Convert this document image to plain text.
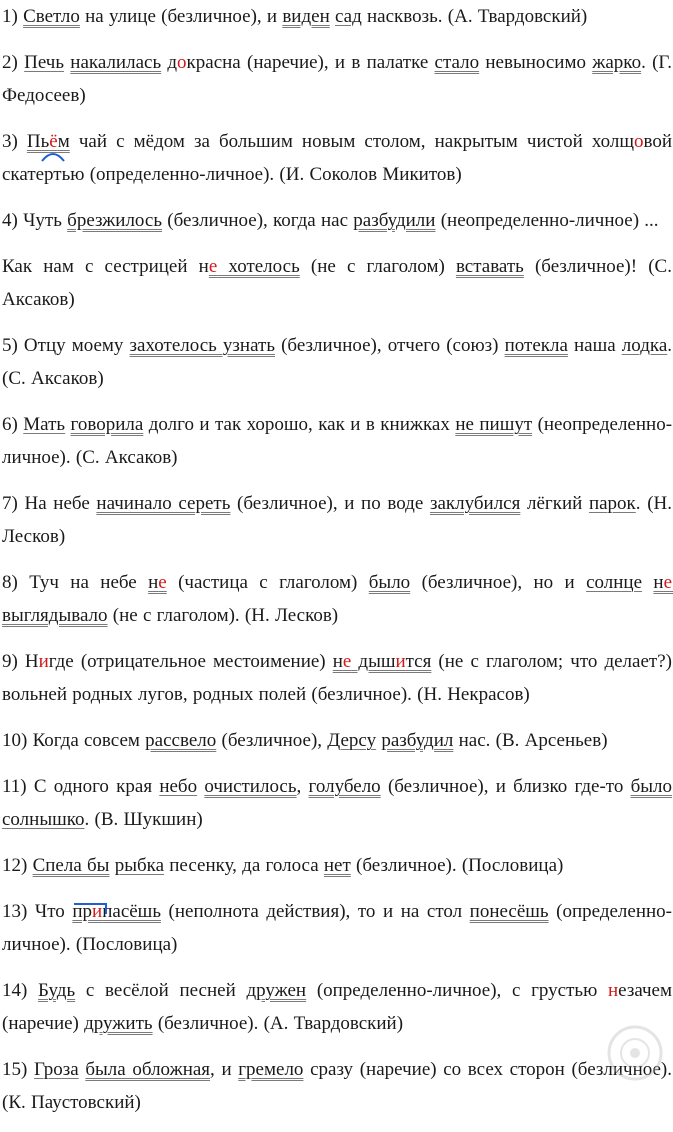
1) Светло на улице (безличное), и виден сад насквозь. (А. Твардовский)

2) Печь накалилась докрасна (наречие), и в палатке стало невыносимо жарко. (Г. Федосеев)

3) Пьём чай с мёдом за большим новым столом, накрытым чистой холщовой скатертью (определенно-личное). (И. Соколов Микитов)

4) Чуть брезжилось (безличное), когда нас разбудили (неопределенно-личное) ...

Как нам с сестрицей не хотелось (не с глаголом) вставать (безличное)! (С. Аксаков)

5) Отцу моему захотелось узнать (безличное), отчего (союз) потекла наша лодка. (С. Аксаков)

6) Мать говорила долго и так хорошо, как и в книжках не пишут (неопределенно-личное). (С. Аксаков)

7) На небе начинало сереть (безличное), и по воде заклубился лёгкий парок. (Н. Лесков)

8) Туч на небе не (частица с глаголом) было (безличное), но и солнце не выглядывало (не с глаголом). (Н. Лесков)

9) Нигде (отрицательное местоимение) не дышится (не с глаголом; что делает?) вольней родных лугов, родных полей (безличное). (Н. Некрасов)

10) Когда совсем рассвело (безличное), Дерсу разбудил нас. (В. Арсеньев)

11) С одного края небо очистилось, голубело (безличное), и близко где-то было солнышко. (В. Шукшин)

12) Спела бы рыбка песенку, да голоса нет (безличное). (Пословица)

13) Что припасёшь (неполнота действия), то и на стол понесёшь (определенно-личное). (Пословица)

14) Будь с весёлой песней дружен (определенно-личное), с грустью незачем (наречие) дружить (безличное). (А. Твардовский)

15) Гроза была обложная, и гремело сразу (наречие) со всех сторон (безличное). (К. Паустовский)
